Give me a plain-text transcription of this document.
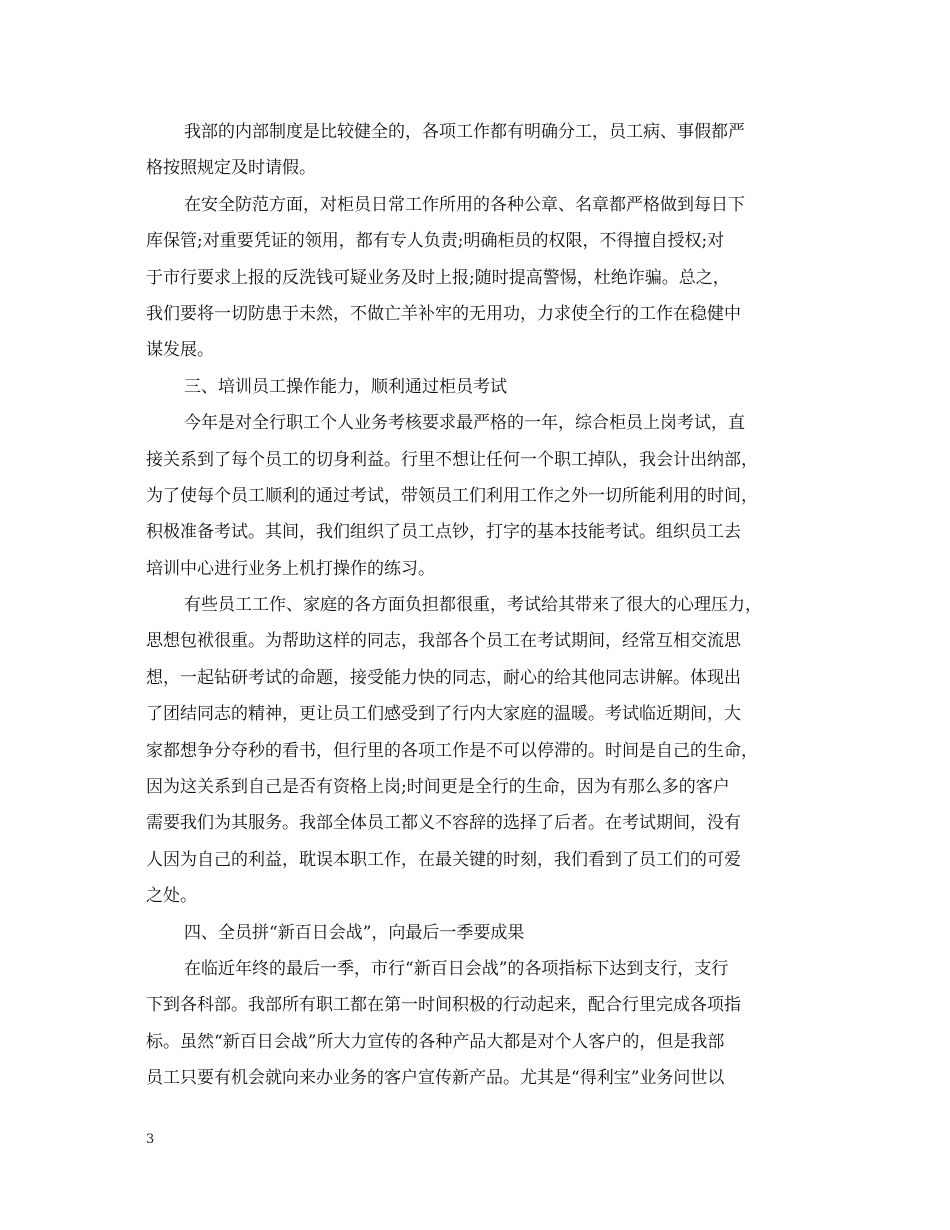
我部的内部制度是比较健全的，各项工作都有明确分工，员工病、事假都严
格按照规定及时请假。
在安全防范方面，对柜员日常工作所用的各种公章、名章都严格做到每日下
库保管;对重要凭证的领用，都有专人负责;明确柜员的权限，不得擅自授权;对
于市行要求上报的反洗钱可疑业务及时上报;随时提高警惕，杜绝诈骗。总之，
我们要将一切防患于未然，不做亡羊补牢的无用功，力求使全行的工作在稳健中
谋发展。
三、培训员工操作能力，顺利通过柜员考试
今年是对全行职工个人业务考核要求最严格的一年，综合柜员上岗考试，直
接关系到了每个员工的切身利益。行里不想让任何一个职工掉队，我会计出纳部，
为了使每个员工顺利的通过考试，带领员工们利用工作之外一切所能利用的时间，
积极准备考试。其间，我们组织了员工点钞，打字的基本技能考试。组织员工去
培训中心进行业务上机打操作的练习。
有些员工工作、家庭的各方面负担都很重，考试给其带来了很大的心理压力，
思想包袱很重。为帮助这样的同志，我部各个员工在考试期间，经常互相交流思
想，一起钻研考试的命题，接受能力快的同志，耐心的给其他同志讲解。体现出
了团结同志的精神，更让员工们感受到了行内大家庭的温暖。考试临近期间，大
家都想争分夺秒的看书，但行里的各项工作是不可以停滞的。时间是自己的生命，
因为这关系到自己是否有资格上岗;时间更是全行的生命，因为有那么多的客户
需要我们为其服务。我部全体员工都义不容辞的选择了后者。在考试期间，没有
人因为自己的利益，耽误本职工作，在最关键的时刻，我们看到了员工们的可爱
之处。
四、全员拼“新百日会战”，向最后一季要成果
在临近年终的最后一季，市行“新百日会战”的各项指标下达到支行，支行
下到各科部。我部所有职工都在第一时间积极的行动起来，配合行里完成各项指
标。虽然“新百日会战”所大力宣传的各种产品大都是对个人客户的，但是我部
员工只要有机会就向来办业务的客户宣传新产品。尤其是“得利宝”业务问世以
3
